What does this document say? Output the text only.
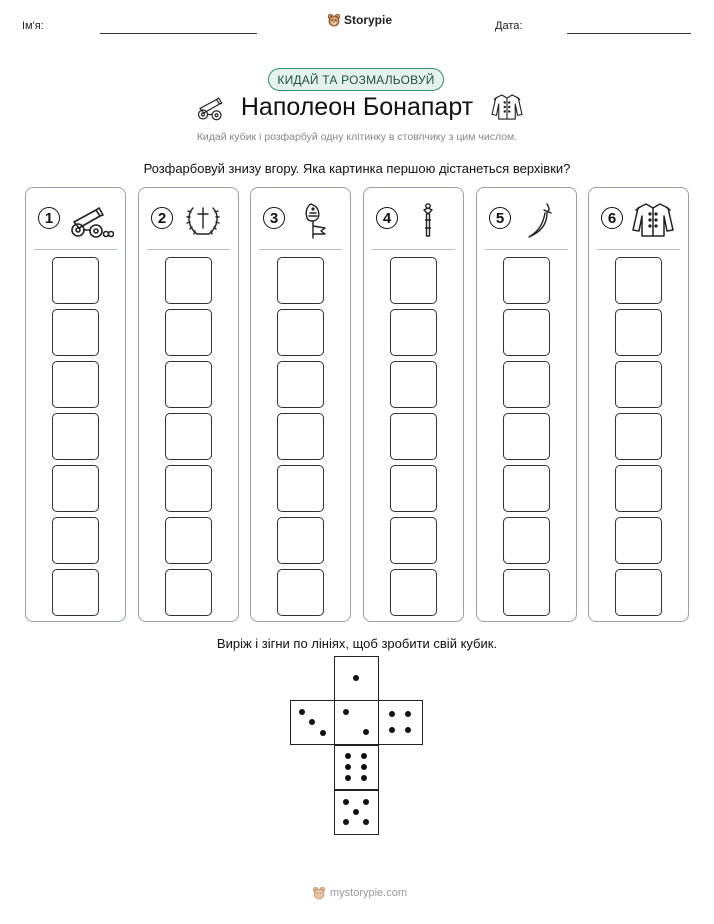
Ім'я:	Storypie	Дата:
КИДАЙ ТА РОЗМАЛЬОВУЙ
Наполеон Бонапарт
Кидай кубик і розфарбуй одну клітинку в стовпчику з цим числом.
Розфарбовуй знизу вгору. Яка картинка першою дістанеться верхівки?
1	2	3	4	5	6
Виріж і зігни по лініях, щоб зробити свій кубик.
mystorypie.com
